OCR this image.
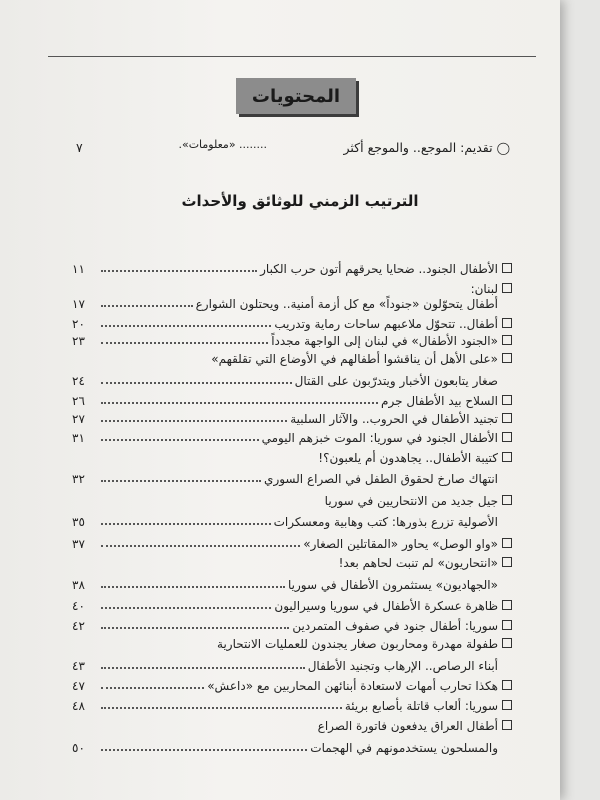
المحتويات
◯
تقديم: الموجع.. والموجع أكثر
........ «معلومات».
٧
الترتيب الزمني للوثائق والأحداث
الأطفال الجنود.. ضحايا يحرقهم أتون حرب الكبار
١١
لبنان:
أطفال يتحوّلون «جنوداً» مع كل أزمة أمنية.. ويحتلون الشوارع
١٧
أطفال.. تتحوّل ملاعبهم ساحات رماية وتدريب
٢٠
«الجنود الأطفال» في لبنان إلى الواجهة مجدداً
٢٣
«على الأهل أن يناقشوا أطفالهم في الأوضاع التي تقلقهم»
صغار يتابعون الأخبار ويتدرّبون على القتال
٢٤
السلاح بيد الأطفال جرم
٢٦
تجنيد الأطفال في الحروب.. والآثار السلبية
٢٧
الأطفال الجنود في سوريا: الموت خبزهم اليومي
٣١
كتيبة الأطفال.. يجاهدون أم يلعبون؟!
انتهاك صارخ لحقوق الطفل في الصراع السوري
٣٢
جيل جديد من الانتحاريين في سوريا
الأصولية تزرع بذورها: كتب وهابية ومعسكرات
٣٥
«واو الوصل» يحاور «المقاتلين الصغار»
٣٧
«انتحاريون» لم تنبت لحاهم بعد!
«الجهاديون» يستثمرون الأطفال في سوريا
٣٨
ظاهرة عسكرة الأطفال في سوريا وسيراليون
٤٠
سوريا: أطفال جنود في صفوف المتمردين
٤٢
طفولة مهدرة ومحاربون صغار يجندون للعمليات الانتحارية
أبناء الرصاص.. الإرهاب وتجنيد الأطفال
٤٣
هكذا تحارب أمهات لاستعادة أبنائهن المحاربين مع «داعش»
٤٧
سوريا: ألعاب قاتلة بأصابع بريئة
٤٨
أطفال العراق يدفعون فاتورة الصراع
والمسلحون يستخدمونهم في الهجمات
٥٠
